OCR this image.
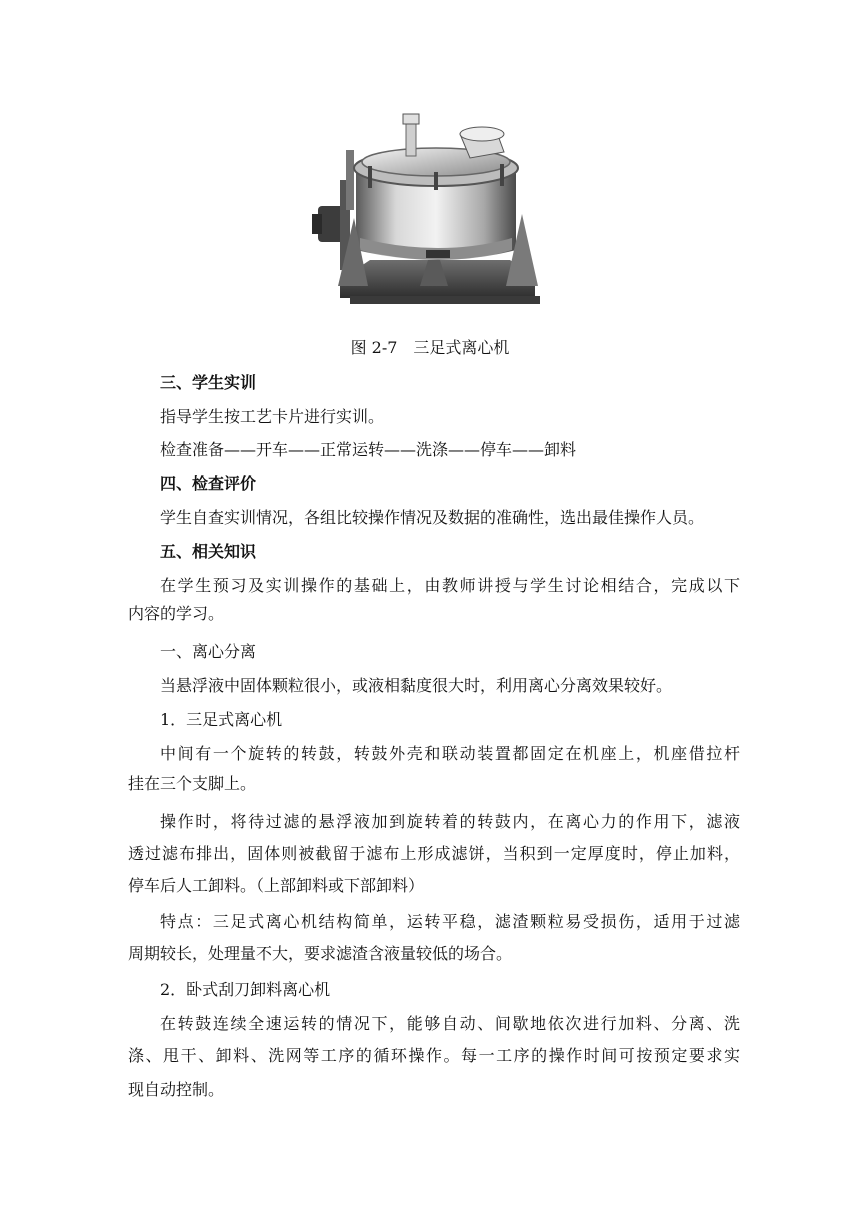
图 2-7　三足式离心机
三、学生实训
指导学生按工艺卡片进行实训。
检查准备——开车——正常运转——洗涤——停车——卸料
四、检查评价
学生自查实训情况，各组比较操作情况及数据的准确性，选出最佳操作人员。
五、相关知识
在学生预习及实训操作的基础上，由教师讲授与学生讨论相结合，完成以下
内容的学习。
一、离心分离
当悬浮液中固体颗粒很小，或液相黏度很大时，利用离心分离效果较好。
1．三足式离心机
中间有一个旋转的转鼓，转鼓外壳和联动装置都固定在机座上，机座借拉杆
挂在三个支脚上。
操作时，将待过滤的悬浮液加到旋转着的转鼓内，在离心力的作用下，滤液
透过滤布排出，固体则被截留于滤布上形成滤饼，当积到一定厚度时，停止加料，
停车后人工卸料。（上部卸料或下部卸料）
特点：三足式离心机结构简单，运转平稳，滤渣颗粒易受损伤，适用于过滤
周期较长，处理量不大，要求滤渣含液量较低的场合。
2．卧式刮刀卸料离心机
在转鼓连续全速运转的情况下，能够自动、间歇地依次进行加料、分离、洗
涤、甩干、卸料、洗网等工序的循环操作。每一工序的操作时间可按预定要求实
现自动控制。
